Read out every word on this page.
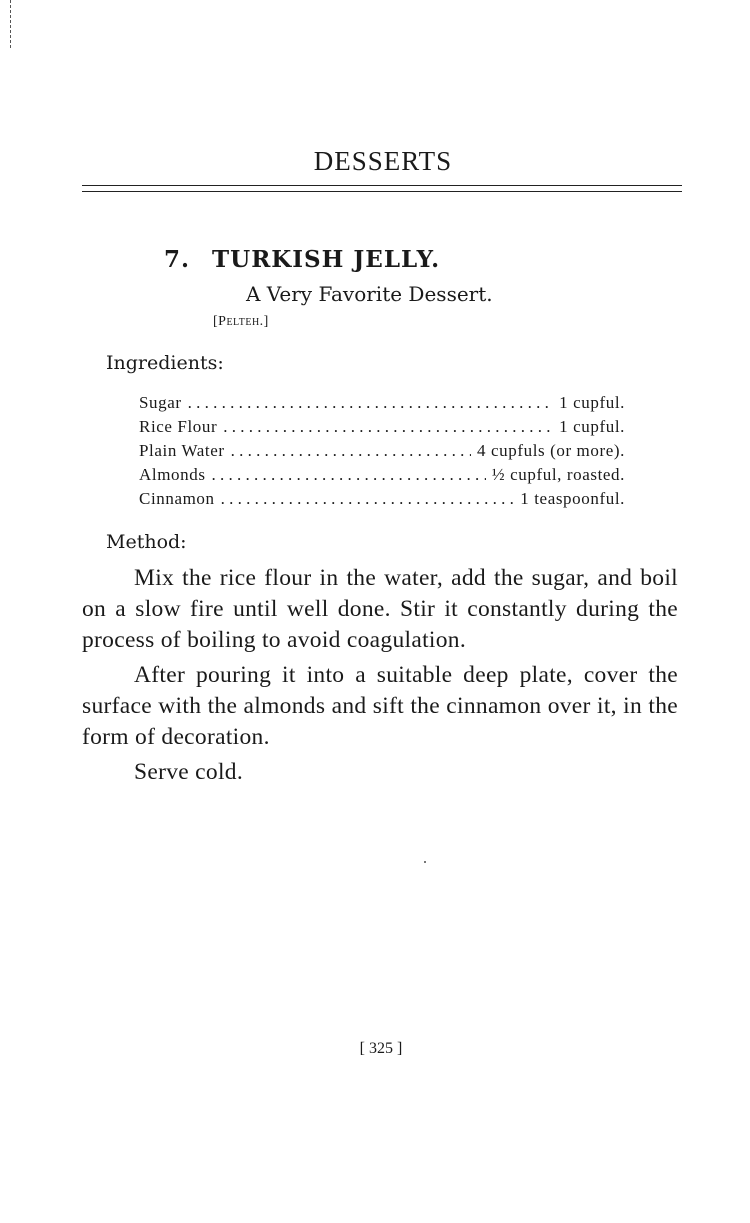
DESSERTS
7. TURKISH JELLY.
A Very Favorite Dessert.
[Pelteh.]
Ingredients:
Sugar . . .	1 cupful.
Rice Flour . . .	1 cupful.
Plain Water . . .	4 cupfuls (or more).
Almonds . . .	½ cupful, roasted.
Cinnamon . . .	1 teaspoonful.
Method:

Mix the rice flour in the water, add the sugar, and boil on a slow fire until well done. Stir it constantly during the process of boiling to avoid coagulation.

After pouring it into a suitable deep plate, cover the surface with the almonds and sift the cinnamon over it, in the form of decoration.

Serve cold.

[ 325 ]
